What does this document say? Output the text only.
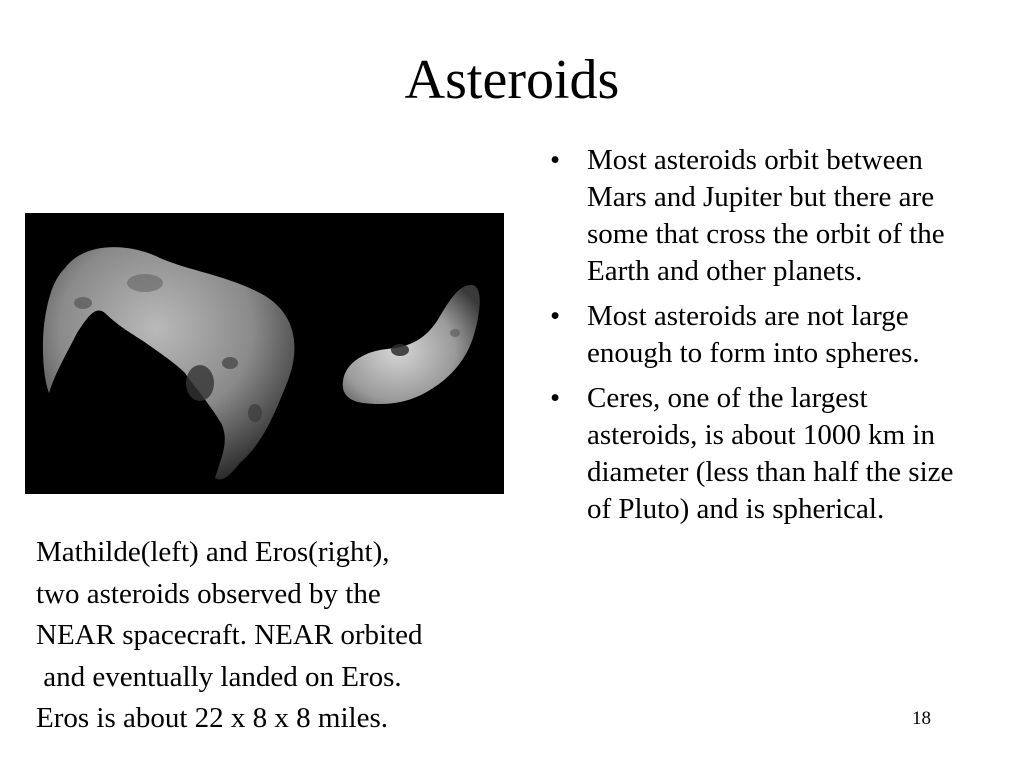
Asteroids
Mathilde(left) and Eros(right),
two asteroids observed by the
NEAR spacecraft. NEAR orbited
and eventually landed on Eros.
Eros is about 22 x 8 x 8 miles.
• Most asteroids orbit between Mars and Jupiter but there are some that cross the orbit of the Earth and other planets.
• Most asteroids are not large enough to form into spheres.
• Ceres, one of the largest asteroids, is about 1000 km in diameter (less than half the size of Pluto) and is spherical.
18
